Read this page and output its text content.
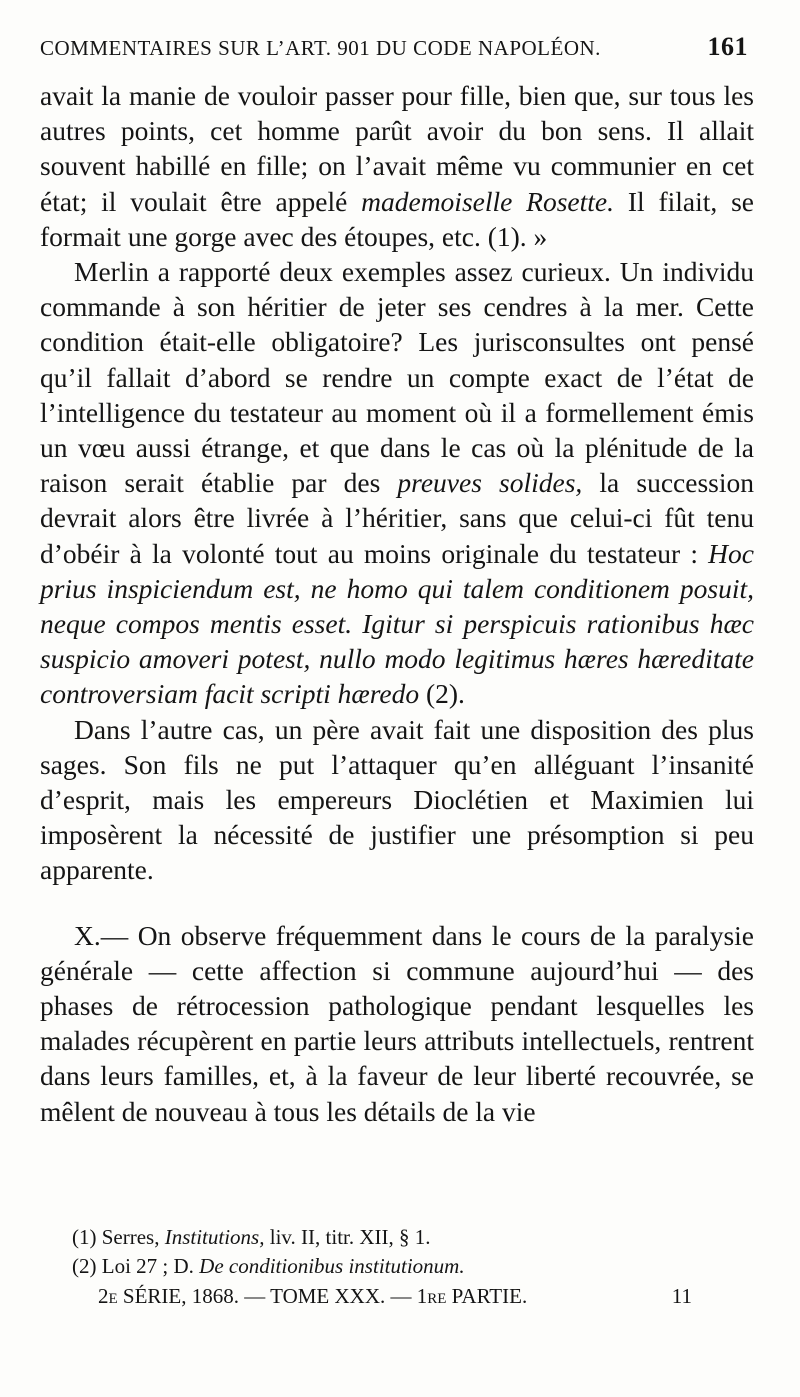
COMMENTAIRES SUR L’ART. 901 DU CODE NAPOLÉON.	161

avait la manie de vouloir passer pour fille, bien que, sur tous les autres points, cet homme parût avoir du bon sens. Il allait souvent habillé en fille; on l’avait même vu communier en cet état; il voulait être appelé mademoiselle Rosette. Il filait, se formait une gorge avec des étoupes, etc. (1). »

Merlin a rapporté deux exemples assez curieux. Un individu commande à son héritier de jeter ses cendres à la mer. Cette condition était-elle obligatoire? Les jurisconsultes ont pensé qu’il fallait d’abord se rendre un compte exact de l’état de l’intelligence du testateur au moment où il a formellement émis un vœu aussi étrange, et que dans le cas où la plénitude de la raison serait établie par des preuves solides, la succession devrait alors être livrée à l’héritier, sans que celui-ci fût tenu d’obéir à la volonté tout au moins originale du testateur : Hoc prius inspiciendum est, ne homo qui talem conditionem posuit, neque compos mentis esset. Igitur si perspicuis rationibus hæc suspicio amoveri potest, nullo modo legitimus hæres hæreditate controversiam facit scripti hæredo (2).

Dans l’autre cas, un père avait fait une disposition des plus sages. Son fils ne put l’attaquer qu’en alléguant l’insanité d’esprit, mais les empereurs Dioclétien et Maximien lui imposèrent la nécessité de justifier une présomption si peu apparente.

X.— On observe fréquemment dans le cours de la paralysie générale — cette affection si commune aujourd’hui — des phases de rétrocession pathologique pendant lesquelles les malades récupèrent en partie leurs attributs intellectuels, rentrent dans leurs familles, et, à la faveur de leur liberté recouvrée, se mêlent de nouveau à tous les détails de la vie

(1) Serres, Institutions, liv. II, titr. XII, § 1.

(2) Loi 27 ; D. De conditionibus institutionum.

2e SÉRIE, 1868. — TOME XXX. — 1re PARTIE.	11
